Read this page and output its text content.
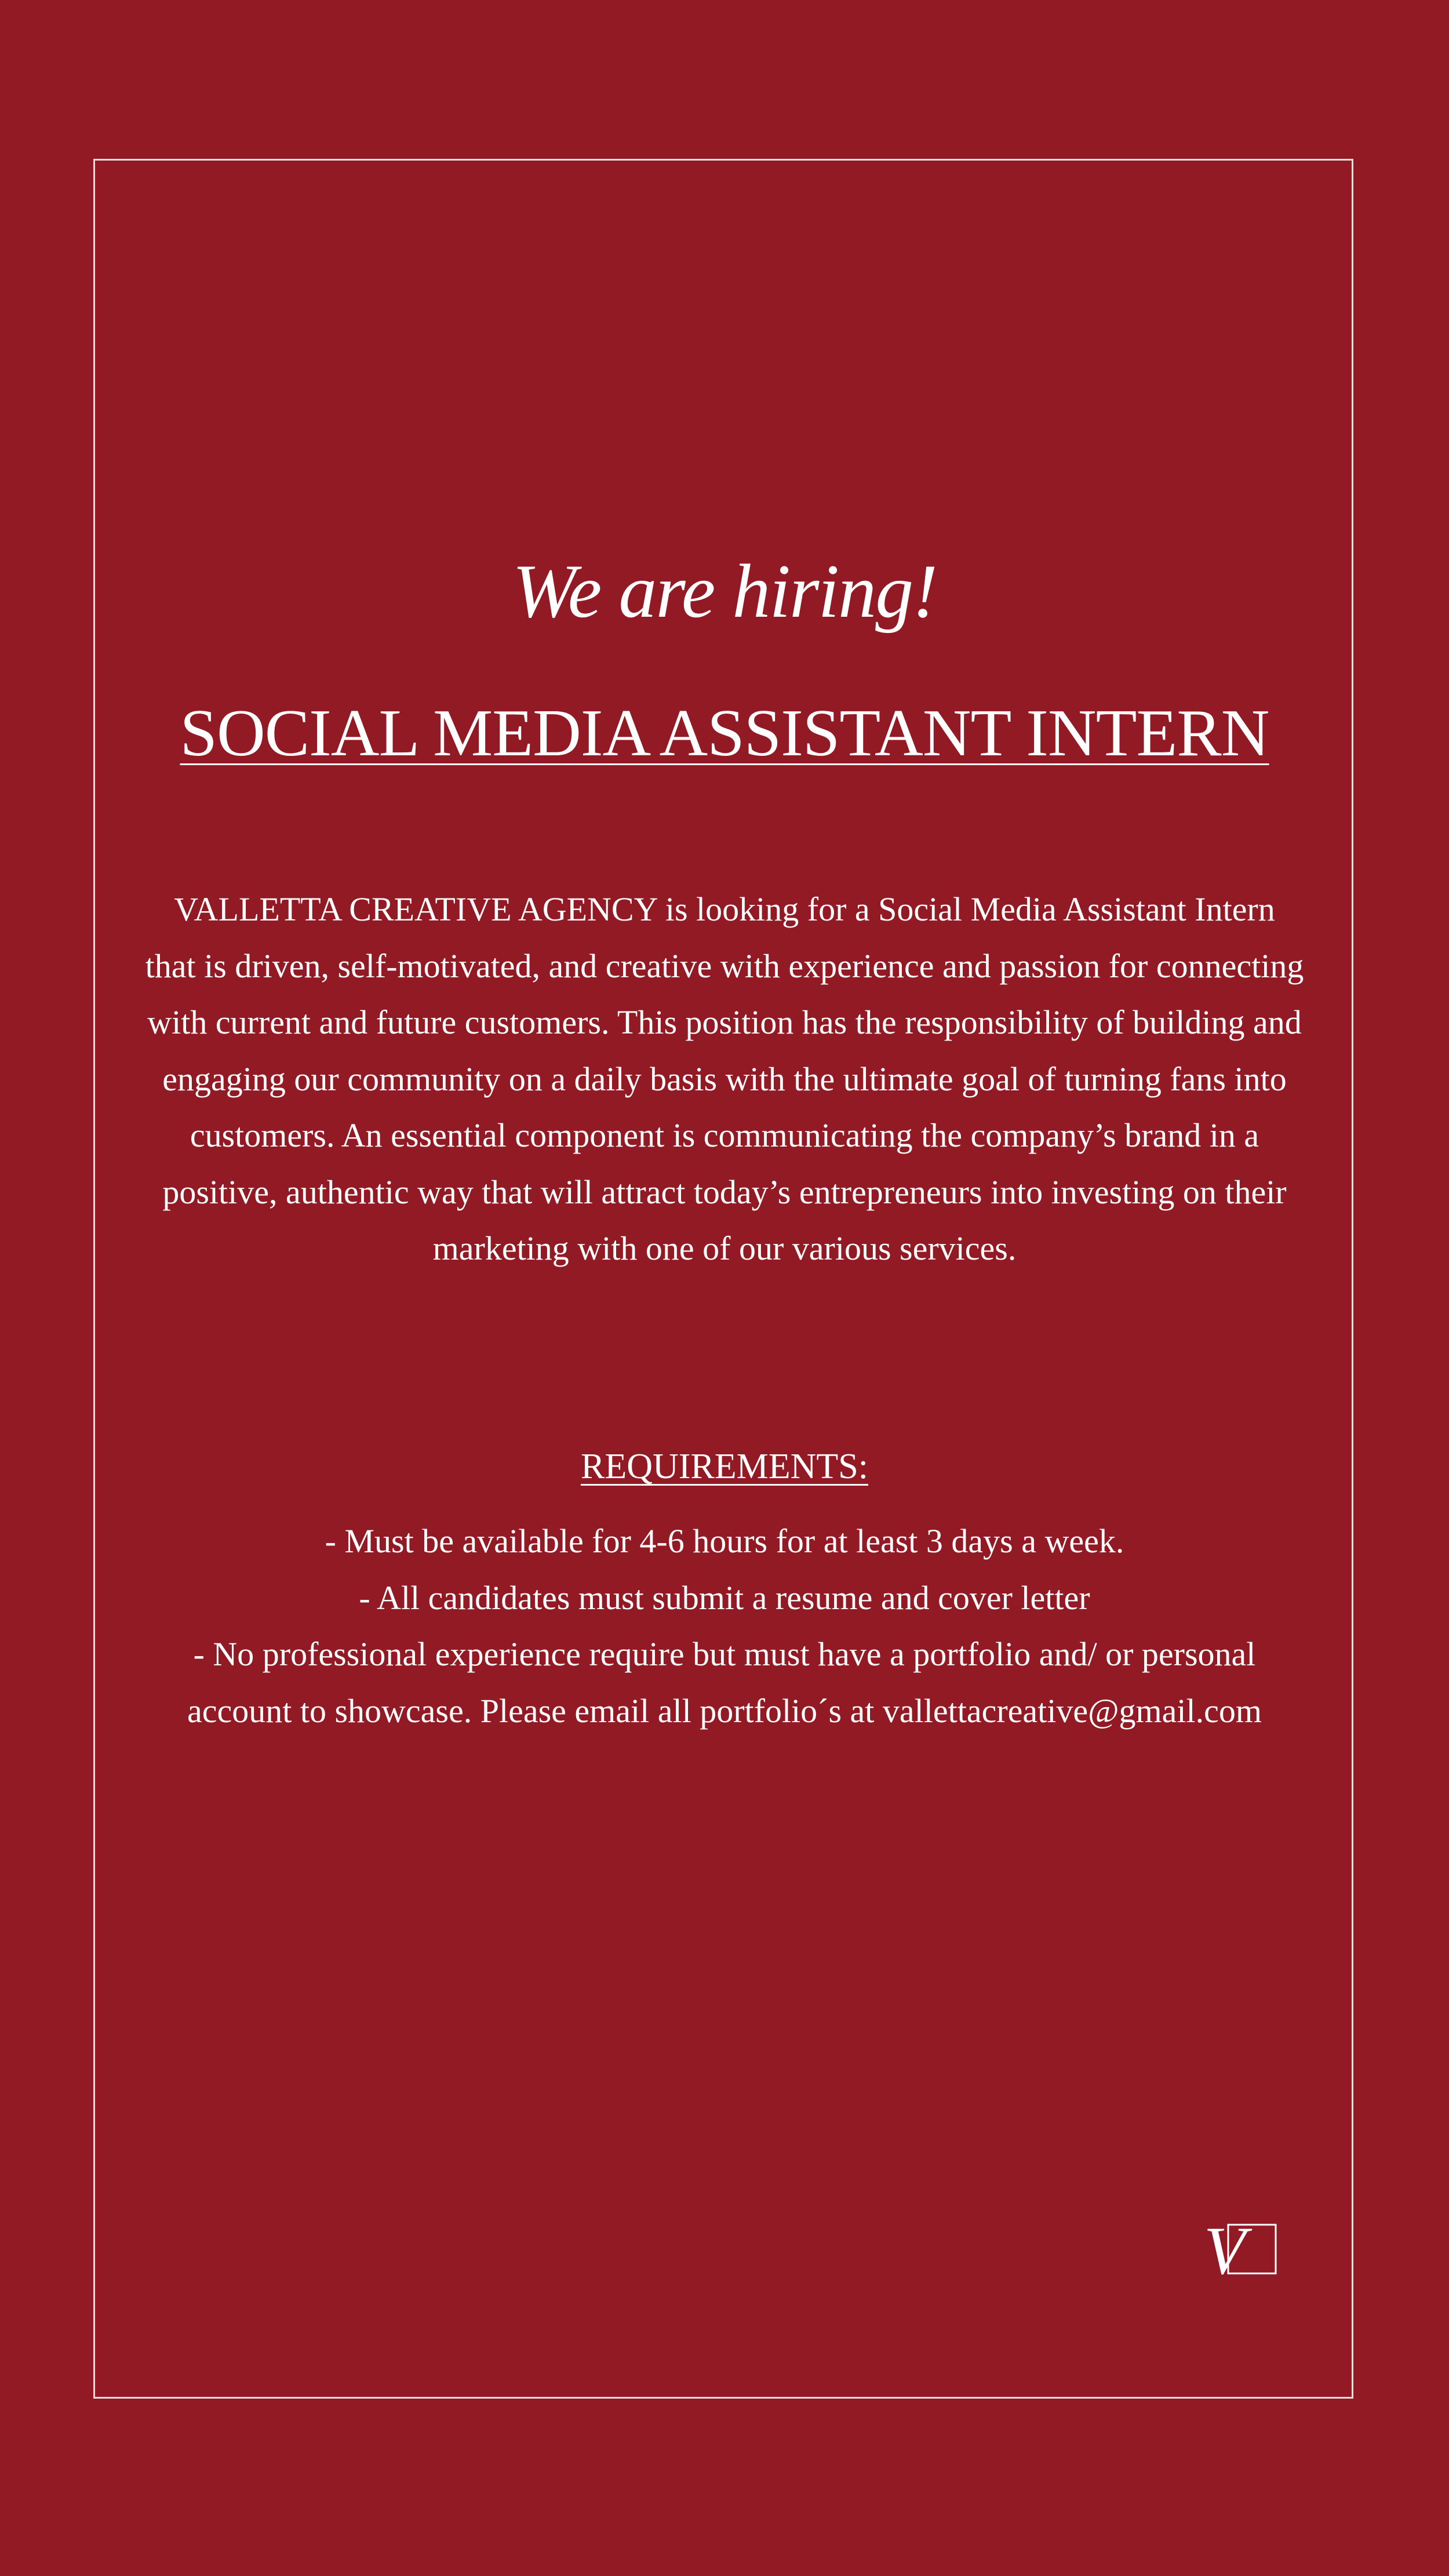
We are hiring!
SOCIAL MEDIA ASSISTANT INTERN

VALLETTA CREATIVE AGENCY is looking for a Social Media Assistant Intern that is driven, self-motivated, and creative with experience and passion for connecting with current and future customers. This position has the responsibility of building and engaging our community on a daily basis with the ultimate goal of turning fans into customers. An essential component is communicating the company’s brand in a positive, authentic way that will attract today’s entrepreneurs into investing on their marketing with one of our various services.

REQUIREMENTS:
- Must be available for 4-6 hours for at least 3 days a week.
- All candidates must submit a resume and cover letter
- No professional experience require but must have a portfolio and/ or personal account to showcase. Please email all portfolio´s at vallettacreative@gmail.com
V
